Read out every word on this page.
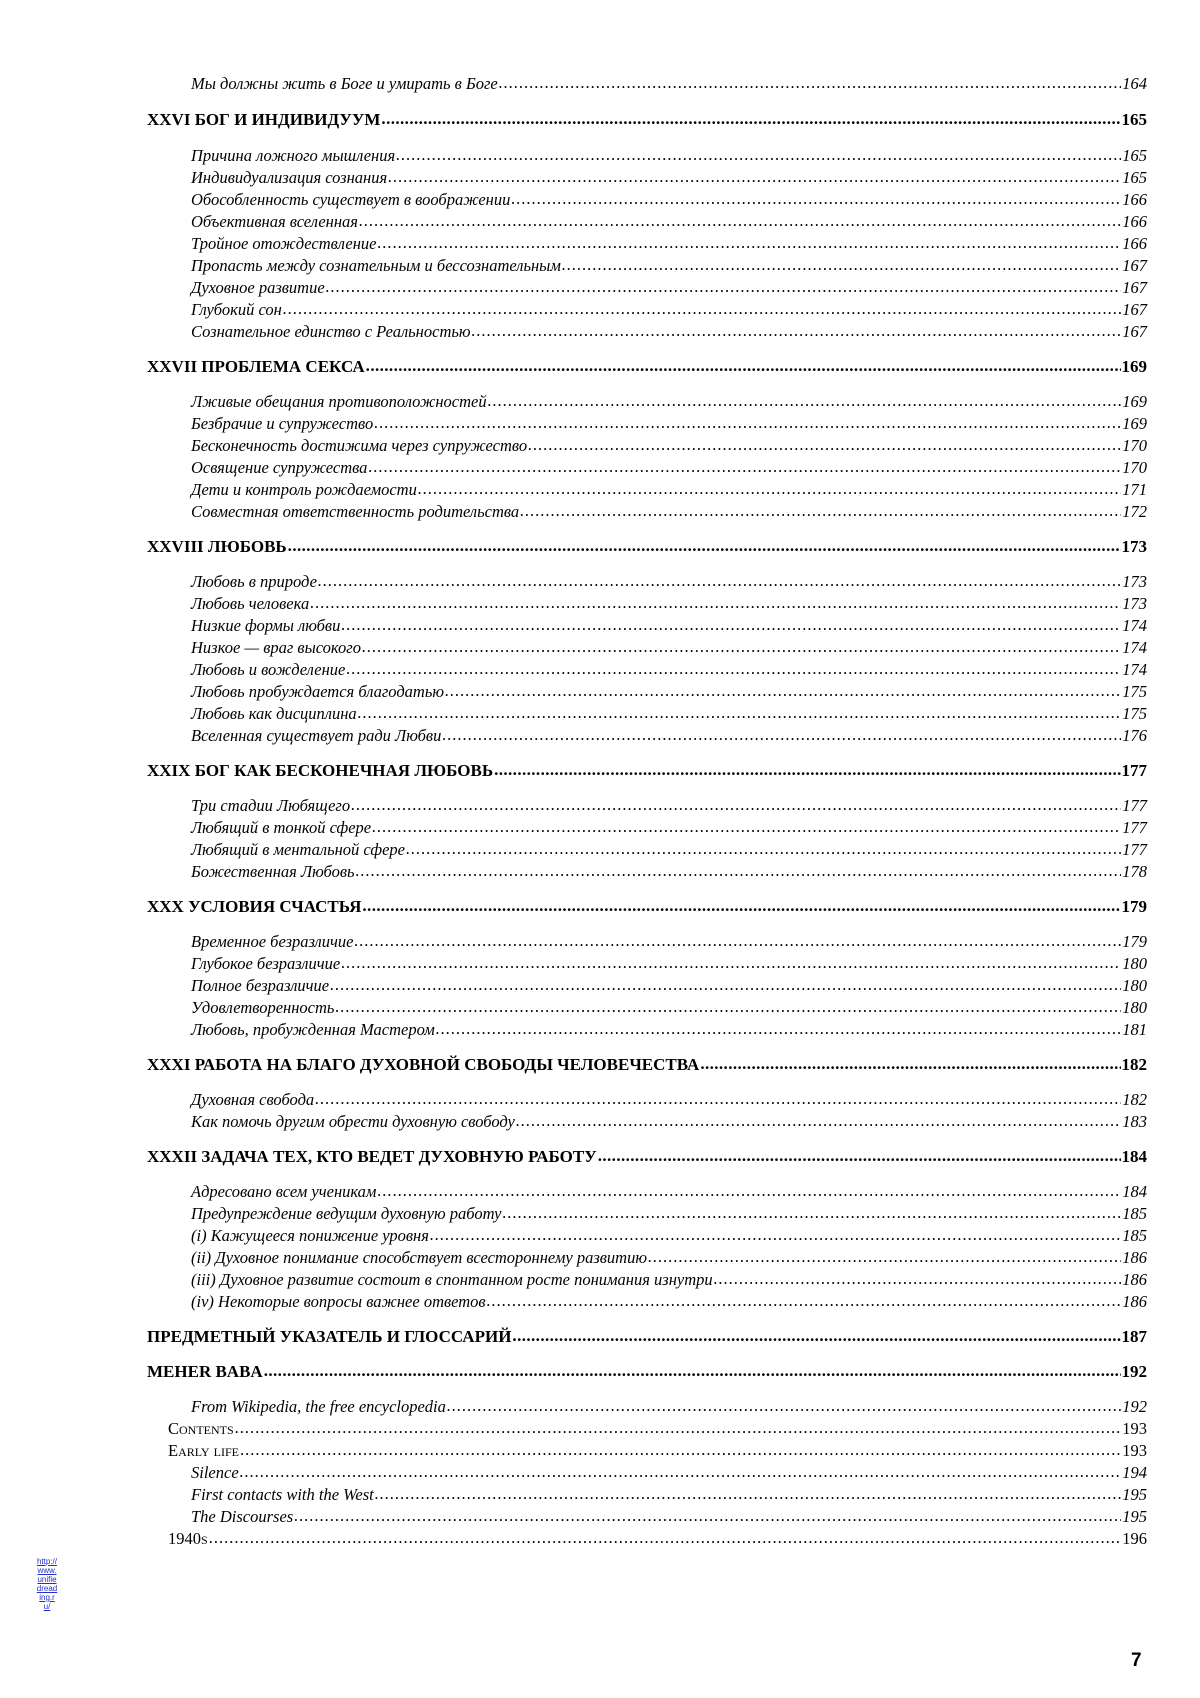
Мы должны жить в Боге и умирать в Боге .....	164
XXVI БОГ И ИНДИВИДУУМ .....	165
Причина ложного мышления .....	165
Индивидуализация сознания .....	165
Обособленность существует в воображении .....	166
Объективная вселенная .....	166
Тройное отождествление .....	166
Пропасть между сознательным и бессознательным .....	167
Духовное развитие .....	167
Глубокий сон .....	167
Сознательное единство с Реальностью .....	167
XXVII ПРОБЛЕМА СЕКСА .....	169
Лживые обещания противоположностей .....	169
Безбрачие и супружество .....	169
Бесконечность достижима через супружество .....	170
Освящение супружества .....	170
Дети и контроль рождаемости .....	171
Совместная ответственность родительства .....	172
XXVIII ЛЮБОВЬ .....	173
Любовь в природе .....	173
Любовь человека .....	173
Низкие формы любви .....	174
Низкое — враг высокого .....	174
Любовь и вожделение .....	174
Любовь пробуждается благодатью .....	175
Любовь как дисциплина .....	175
Вселенная существует ради Любви .....	176
XXIX БОГ КАК БЕСКОНЕЧНАЯ ЛЮБОВЬ .....	177
Три стадии Любящего .....	177
Любящий в тонкой сфере .....	177
Любящий в ментальной сфере .....	177
Божественная Любовь .....	178
XXX УСЛОВИЯ СЧАСТЬЯ .....	179
Временное безразличие .....	179
Глубокое безразличие .....	180
Полное безразличие .....	180
Удовлетворенность .....	180
Любовь, пробужденная Мастером .....	181
XXXI РАБОТА НА БЛАГО ДУХОВНОЙ СВОБОДЫ ЧЕЛОВЕЧЕСТВА .....	182
Духовная свобода .....	182
Как помочь другим обрести духовную свободу .....	183
XXXII ЗАДАЧА ТЕХ, КТО ВЕДЕТ ДУХОВНУЮ РАБОТУ .....	184
Адресовано всем ученикам .....	184
Предупреждение ведущим духовную работу .....	185
(i) Кажущееся понижение уровня .....	185
(ii) Духовное понимание способствует всестороннему развитию .....	186
(iii) Духовное развитие состоит в спонтанном росте понимания изнутри .....	186
(iv) Некоторые вопросы важнее ответов .....	186
ПРЕДМЕТНЫЙ УКАЗАТЕЛЬ И ГЛОССАРИЙ .....	187
MEHER BABA .....	192
From Wikipedia, the free encyclopedia .....	192
Contents .....	193
Early life .....	193
Silence .....	194
First contacts with the West .....	195
The Discourses .....	195
1940s .....	196
http://www.unifiedreading.ru/
7
